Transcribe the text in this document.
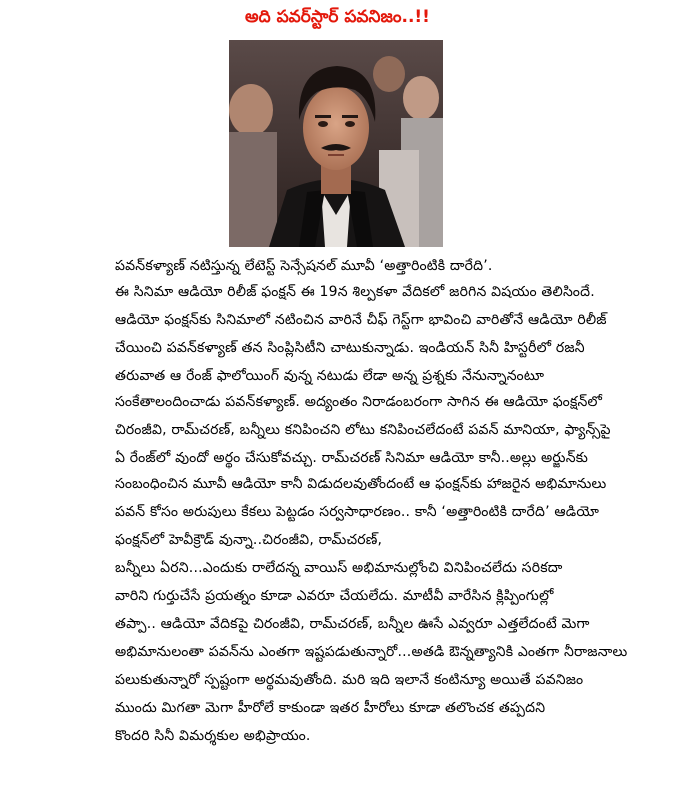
అది పవర్‌స్టార్ పవనిజం..!!
పవన్‌కళ్యాణ్ నటిస్తున్న లేటెస్ట్ సెన్సేషనల్ మూవీ ‘అత్తారింటికి దారేది’.
ఈ సినిమా ఆడియో రిలీజ్ ఫంక్షన్ ఈ 19న శిల్పకళా వేదికలో జరిగిన విషయం తెలిసిందే.
ఆడియో ఫంక్షన్‌కు సినిమాలో నటించిన వారినే చీఫ్ గెస్ట్‌గా భావించి వారితోనే ఆడియో రిలీజ్
చేయించి పవన్‌కళ్యాణ్ తన సింప్లిసిటీని చాటుకున్నాడు. ఇండియన్ సినీ హిస్టరీలో రజనీ
తరువాత ఆ రేంజ్ ఫాలోయింగ్ వున్న నటుడు లేడా అన్న ప్రశ్నకు నేనున్నానంటూ
సంకేతాలందించాడు పవన్‌కళ్యాణ్. అద్యంతం నిరాడంబరంగా సాగిన ఈ ఆడియో ఫంక్షన్‌లో
చిరంజీవి, రామ్‌చరణ్, బన్నీలు కనిపించని లోటు కనిపించలేదంటే పవన్ మానియా, ఫ్యాన్స్‌పై
ఏ రేంజ్‌లో వుందో అర్థం చేసుకోవచ్చు. రామ్‌చరణ్ సినిమా ఆడియో కానీ..అల్లు అర్జున్‌కు
సంబంధించిన మూవీ ఆడియో కానీ విడుదలవుతోందంటే ఆ ఫంక్షన్‌కు హాజరైన అభిమానులు
పవన్ కోసం అరుపులు కేకలు పెట్టడం సర్వసాధారణం.. కానీ ‘అత్తారింటికి దారేది’ ఆడియో
ఫంక్షన్‌లో హెవీక్రౌడ్ వున్నా..చిరంజీవి, రామ్‌చరణ్,
బన్నీలు ఏరని...ఎందుకు రాలేదన్న వాయిస్ అభిమానుల్లోంచి వినిపించలేదు సరికదా
వారిని గుర్తుచేసే ప్రయత్నం కూడా ఎవరూ చేయలేదు. మాటీవీ వారేసిన క్లిప్పింగుల్లో
తప్పా.. ఆడియో వేదికపై చిరంజీవి, రామ్‌చరణ్, బన్నీల ఊసే ఎవ్వరూ ఎత్తలేదంటే మెగా
అభిమానులంతా పవన్‌ను ఎంతగా ఇష్టపడుతున్నారో...అతడి ఔన్నత్యానికి ఎంతగా నీరాజనాలు
పలుకుతున్నారో స్పష్టంగా అర్థమవుతోంది. మరి ఇది ఇలానే కంటిన్యూ అయితే పవనిజం
ముందు మిగతా మెగా హీరోలే కాకుండా ఇతర హీరోలు కూడా తలొంచక తప్పదని
కొందరి సినీ విమర్శకుల అభిప్రాయం.
